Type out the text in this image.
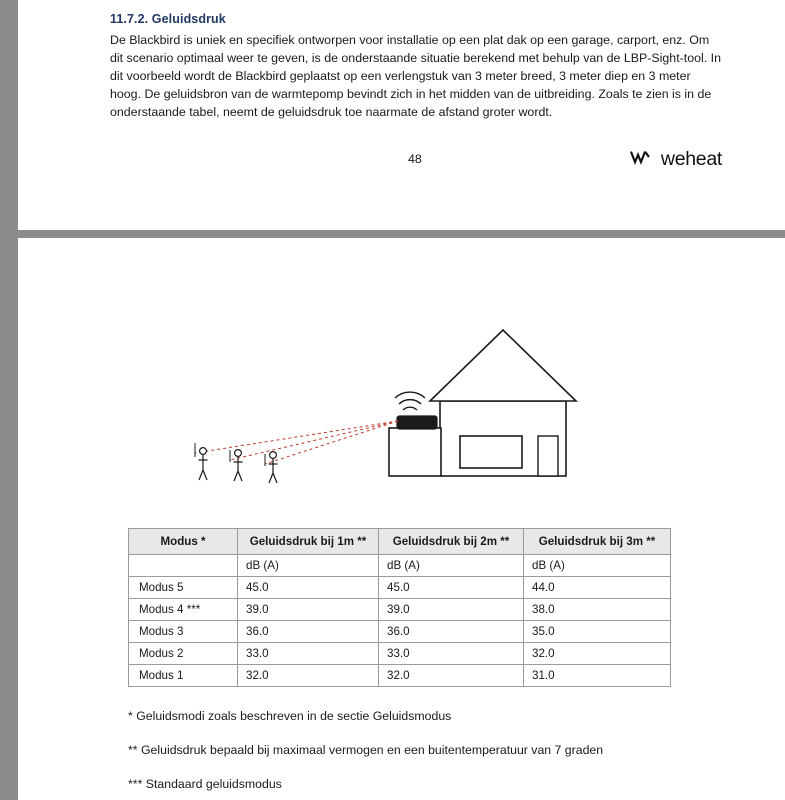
11.7.2. Geluidsdruk
De Blackbird is uniek en specifiek ontworpen voor installatie op een plat dak op een garage, carport, enz. Om dit scenario optimaal weer te geven, is de onderstaande situatie berekend met behulp van de LBP-Sight-tool. In dit voorbeeld wordt de Blackbird geplaatst op een verlengstuk van 3 meter breed, 3 meter diep en 3 meter hoog. De geluidsbron van de warmtepomp bevindt zich in het midden van de uitbreiding. Zoals te zien is in de onderstaande tabel, neemt de geluidsdruk toe naarmate de afstand groter wordt.
48	weheat
Modus *	Geluidsdruk bij 1m **	Geluidsdruk bij 2m **	Geluidsdruk bij 3m **
	dB (A)	dB (A)	dB (A)
Modus 5	45.0	45.0	44.0
Modus 4 ***	39.0	39.0	38.0
Modus 3	36.0	36.0	35.0
Modus 2	33.0	33.0	32.0
Modus 1	32.0	32.0	31.0
* Geluidsmodi zoals beschreven in de sectie Geluidsmodus
** Geluidsdruk bepaald bij maximaal vermogen en een buitentemperatuur van 7 graden
*** Standaard geluidsmodus
